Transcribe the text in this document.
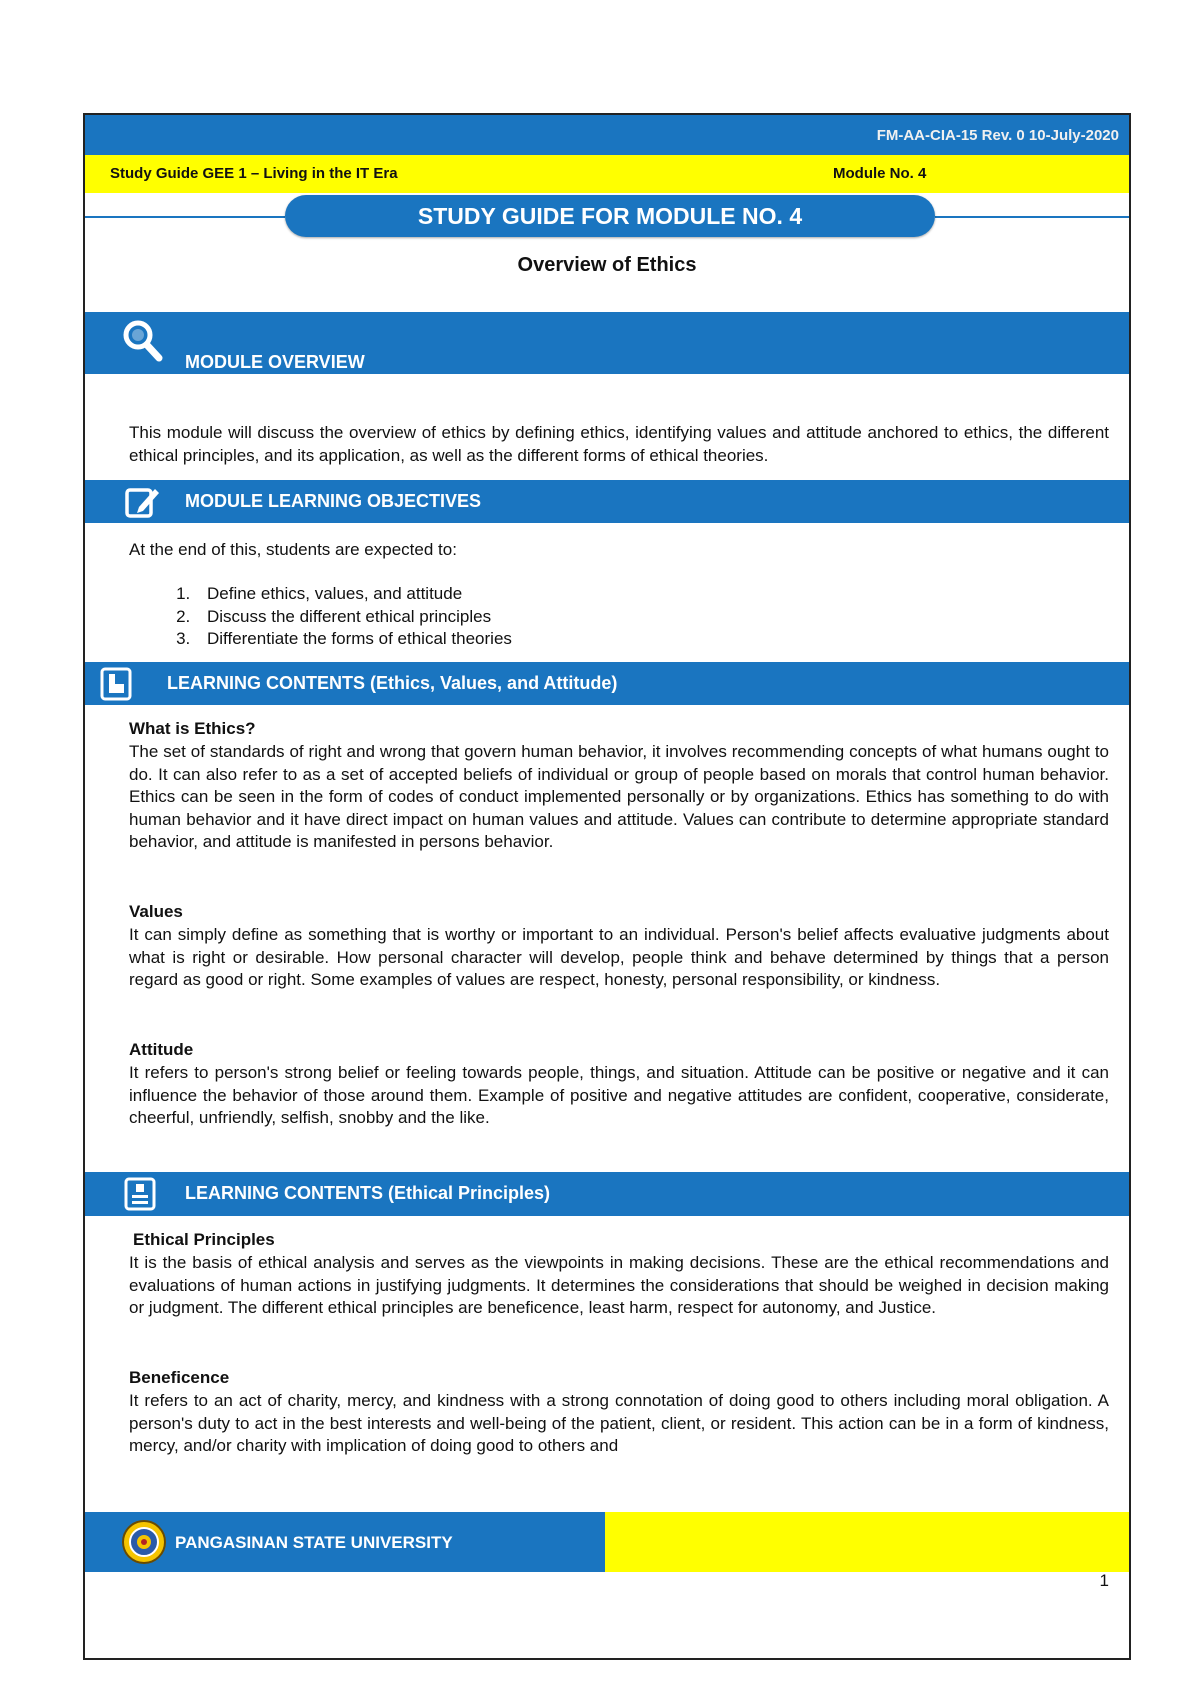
FM-AA-CIA-15 Rev. 0 10-July-2020
Study Guide GEE 1 – Living in the IT Era	Module No. 4
STUDY GUIDE FOR MODULE NO. 4
Overview of Ethics
MODULE OVERVIEW
This module will discuss the overview of ethics by defining ethics, identifying values and attitude anchored to ethics, the different ethical principles, and its application, as well as the different forms of ethical theories.
MODULE LEARNING OBJECTIVES
At the end of this, students are expected to:
1. Define ethics, values, and attitude
2. Discuss the different ethical principles
3. Differentiate the forms of ethical theories
LEARNING CONTENTS (Ethics, Values, and Attitude)
What is Ethics?
The set of standards of right and wrong that govern human behavior, it involves recommending concepts of what humans ought to do. It can also refer to as a set of accepted beliefs of individual or group of people based on morals that control human behavior. Ethics can be seen in the form of codes of conduct implemented personally or by organizations. Ethics has something to do with human behavior and it have direct impact on human values and attitude. Values can contribute to determine appropriate standard behavior, and attitude is manifested in persons behavior.
Values
It can simply define as something that is worthy or important to an individual. Person's belief affects evaluative judgments about what is right or desirable. How personal character will develop, people think and behave determined by things that a person regard as good or right. Some examples of values are respect, honesty, personal responsibility, or kindness.
Attitude
It refers to person's strong belief or feeling towards people, things, and situation. Attitude can be positive or negative and it can influence the behavior of those around them. Example of positive and negative attitudes are confident, cooperative, considerate, cheerful, unfriendly, selfish, snobby and the like.
LEARNING CONTENTS (Ethical Principles)
Ethical Principles
It is the basis of ethical analysis and serves as the viewpoints in making decisions. These are the ethical recommendations and evaluations of human actions in justifying judgments. It determines the considerations that should be weighed in decision making or judgment. The different ethical principles are beneficence, least harm, respect for autonomy, and Justice.
Beneficence
It refers to an act of charity, mercy, and kindness with a strong connotation of doing good to others including moral obligation. A person's duty to act in the best interests and well-being of the patient, client, or resident. This action can be in a form of kindness, mercy, and/or charity with implication of doing good to others and
PANGASINAN STATE UNIVERSITY
1
